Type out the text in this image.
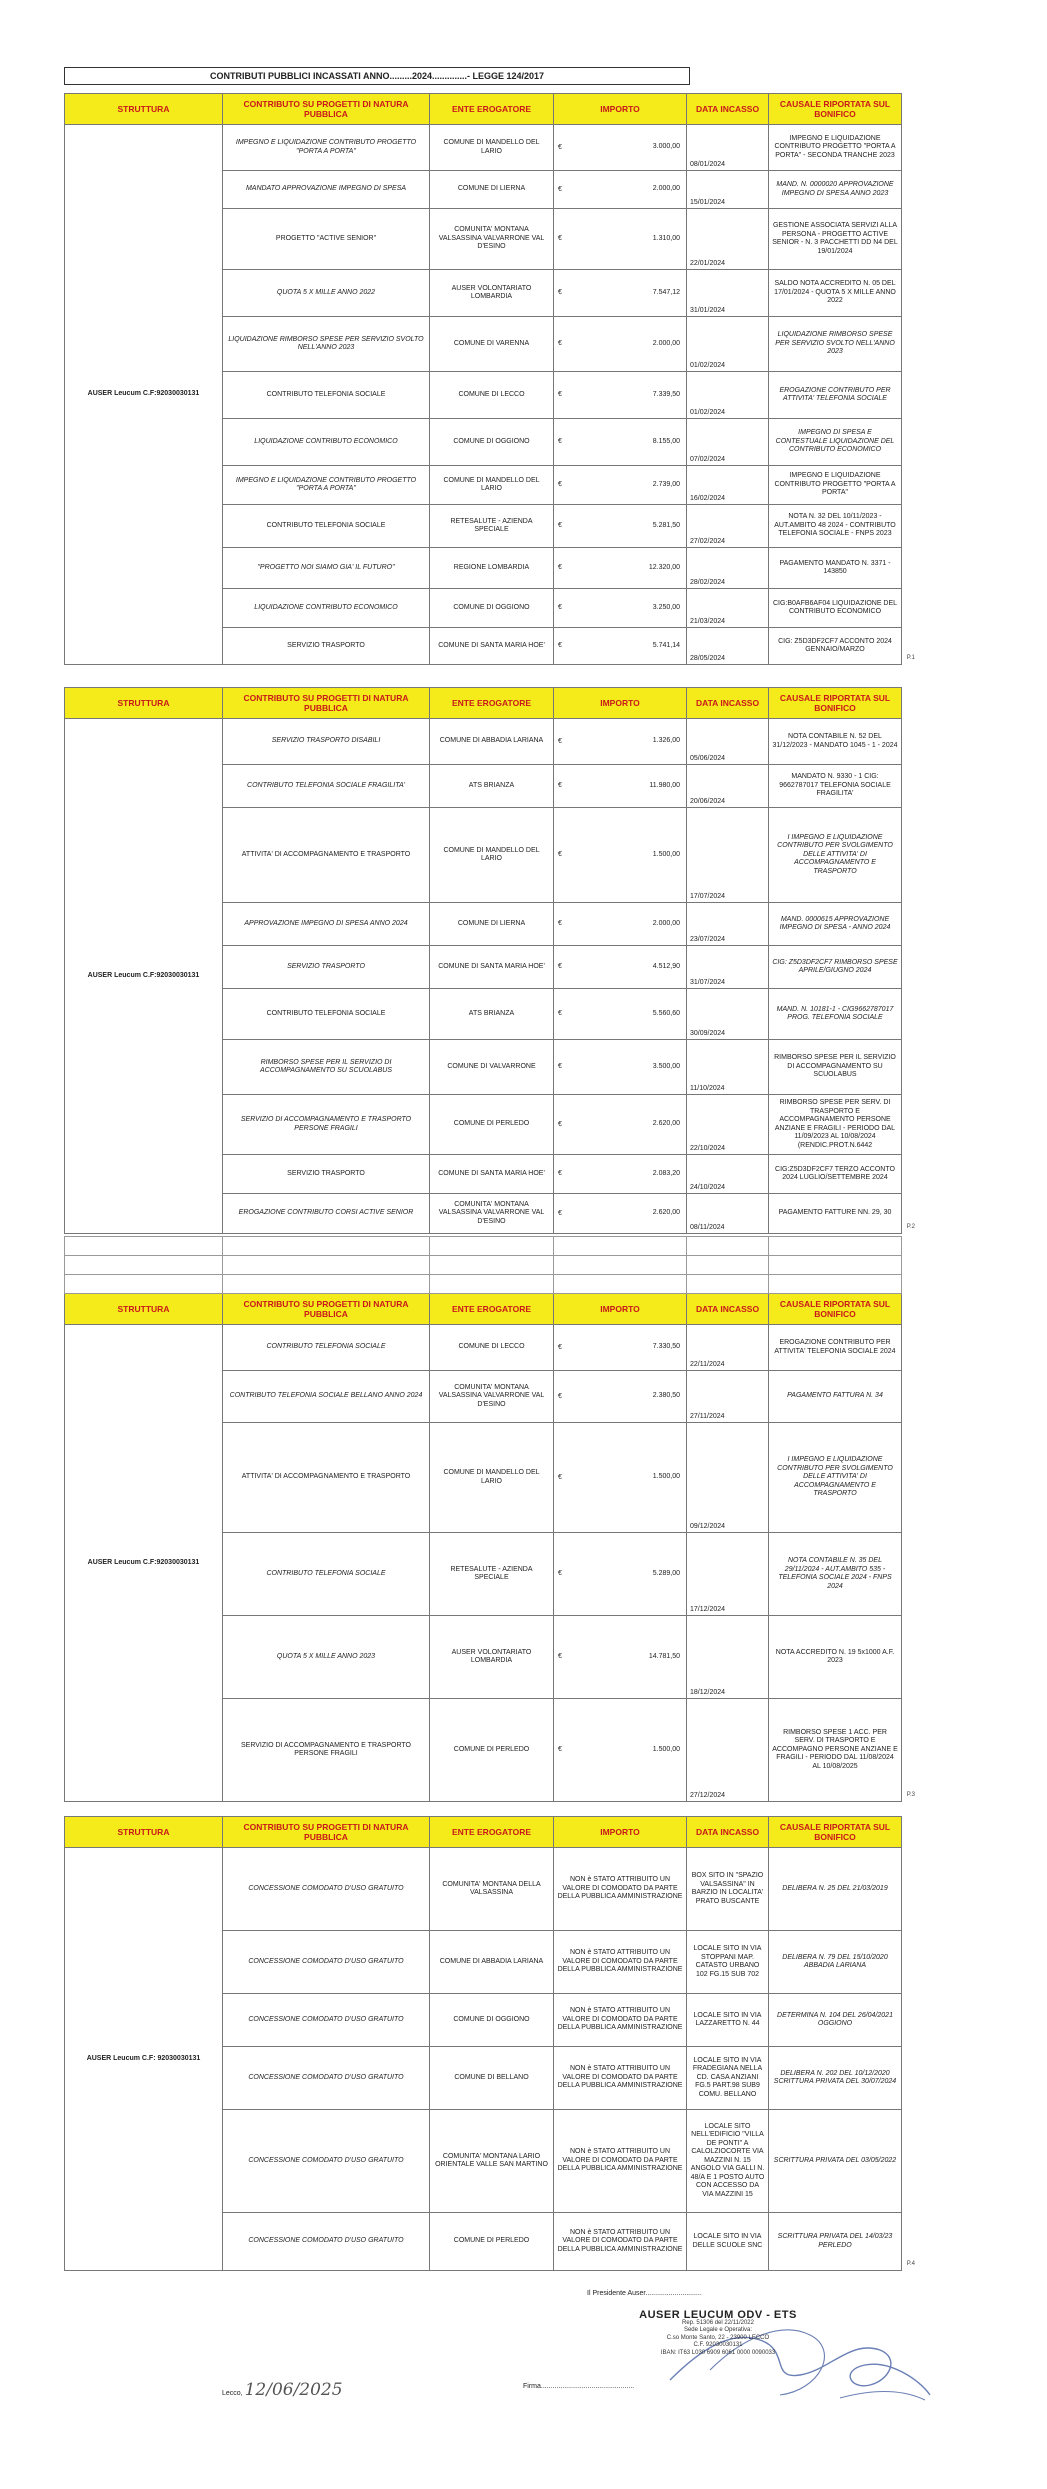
CONTRIBUTI PUBBLICI INCASSATI ANNO.........2024..............- LEGGE 124/2017
STRUTTURA	CONTRIBUTO SU PROGETTI DI NATURA PUBBLICA	ENTE EROGATORE	IMPORTO	DATA INCASSO	CAUSALE RIPORTATA SUL BONIFICO
AUSER Leucum C.F:92030030131	IMPEGNO E LIQUIDAZIONE CONTRIBUTO PROGETTO "PORTA A PORTA"	COMUNE DI MANDELLO DEL LARIO	€ 3.000,00	08/01/2024	IMPEGNO E LIQUIDAZIONE CONTRIBUTO PROGETTO "PORTA A PORTA" - SECONDA TRANCHE 2023
	MANDATO APPROVAZIONE IMPEGNO DI SPESA	COMUNE DI LIERNA	€ 2.000,00	15/01/2024	MAND. N. 0000020 APPROVAZIONE IMPEGNO DI SPESA ANNO 2023
	PROGETTO "ACTIVE SENIOR"	COMUNITA' MONTANA VALSASSINA VALVARRONE VAL D'ESINO	€ 1.310,00	22/01/2024	GESTIONE ASSOCIATA SERVIZI ALLA PERSONA - PROGETTO ACTIVE SENIOR - N. 3 PACCHETTI DD N4 DEL 19/01/2024
	QUOTA 5 X MILLE ANNO 2022	AUSER VOLONTARIATO LOMBARDIA	€ 7.547,12	31/01/2024	SALDO NOTA ACCREDITO N. 05 DEL 17/01/2024 - QUOTA 5 X MILLE ANNO 2022
	LIQUIDAZIONE RIMBORSO SPESE PER SERVIZIO SVOLTO NELL'ANNO 2023	COMUNE DI VARENNA	€ 2.000,00	01/02/2024	LIQUIDAZIONE RIMBORSO SPESE PER SERVIZIO SVOLTO NELL'ANNO 2023
	CONTRIBUTO TELEFONIA SOCIALE	COMUNE DI LECCO	€ 7.339,50	01/02/2024	EROGAZIONE CONTRIBUTO PER ATTIVITA' TELEFONIA SOCIALE
	LIQUIDAZIONE CONTRIBUTO ECONOMICO	COMUNE DI OGGIONO	€ 8.155,00	07/02/2024	IMPEGNO DI SPESA E CONTESTUALE LIQUIDAZIONE DEL CONTRIBUTO ECONOMICO
	IMPEGNO E LIQUIDAZIONE CONTRIBUTO PROGETTO "PORTA A PORTA"	COMUNE DI MANDELLO DEL LARIO	€ 2.739,00	16/02/2024	IMPEGNO E LIQUIDAZIONE CONTRIBUTO PROGETTO "PORTA A PORTA"
	CONTRIBUTO TELEFONIA SOCIALE	RETESALUTE - AZIENDA SPECIALE	€ 5.281,50	27/02/2024	NOTA N. 32 DEL 10/11/2023 - AUT.AMBITO 48 2024 - CONTRIBUTO TELEFONIA SOCIALE - FNPS 2023
	"PROGETTO NOI SIAMO GIA' IL FUTURO"	REGIONE LOMBARDIA	€ 12.320,00	28/02/2024	PAGAMENTO MANDATO N. 3371 - 143850
	LIQUIDAZIONE CONTRIBUTO ECONOMICO	COMUNE DI OGGIONO	€ 3.250,00	21/03/2024	CIG:B0AFB6AF04 LIQUIDAZIONE DEL CONTRIBUTO ECONOMICO
	SERVIZIO TRASPORTO	COMUNE DI SANTA MARIA HOE'	€ 5.741,14	28/05/2024	CIG: Z5D3DF2CF7 ACCONTO 2024 GENNAIO/MARZO
P.1
STRUTTURA	CONTRIBUTO SU PROGETTI DI NATURA PUBBLICA	ENTE EROGATORE	IMPORTO	DATA INCASSO	CAUSALE RIPORTATA SUL BONIFICO
AUSER Leucum C.F:92030030131	SERVIZIO TRASPORTO DISABILI	COMUNE DI ABBADIA LARIANA	€ 1.326,00	05/06/2024	NOTA CONTABILE N. 52 DEL 31/12/2023 - MANDATO 1045 - 1 - 2024
	CONTRIBUTO TELEFONIA SOCIALE FRAGILITA'	ATS BRIANZA	€ 11.980,00	20/06/2024	MANDATO N. 9330 - 1 CIG: 9662787017 TELEFONIA SOCIALE FRAGILITA'
	ATTIVITA' DI ACCOMPAGNAMENTO E TRASPORTO	COMUNE DI MANDELLO DEL LARIO	€ 1.500,00	17/07/2024	I IMPEGNO E LIQUIDAZIONE CONTRIBUTO PER SVOLGIMENTO DELLE ATTIVITA' DI ACCOMPAGNAMENTO E TRASPORTO
	APPROVAZIONE IMPEGNO DI SPESA ANNO 2024	COMUNE DI LIERNA	€ 2.000,00	23/07/2024	MAND. 0000615 APPROVAZIONE IMPEGNO DI SPESA - ANNO 2024
	SERVIZIO TRASPORTO	COMUNE DI SANTA MARIA HOE'	€ 4.512,90	31/07/2024	CIG: Z5D3DF2CF7 RIMBORSO SPESE APRILE/GIUGNO 2024
	CONTRIBUTO TELEFONIA SOCIALE	ATS BRIANZA	€ 5.560,60	30/09/2024	MAND. N. 10181-1 - CIG9662787017 PROG. TELEFONIA SOCIALE
	RIMBORSO SPESE PER IL SERVIZIO DI ACCOMPAGNAMENTO SU SCUOLABUS	COMUNE DI VALVARRONE	€ 3.500,00	11/10/2024	RIMBORSO SPESE PER IL SERVIZIO DI ACCOMPAGNAMENTO SU SCUOLABUS
	SERVIZIO DI ACCOMPAGNAMENTO E TRASPORTO PERSONE FRAGILI	COMUNE DI PERLEDO	€ 2.620,00	22/10/2024	RIMBORSO SPESE PER SERV. DI TRASPORTO E ACCOMPAGNAMENTO PERSONE ANZIANE E FRAGILI - PERIODO DAL 11/09/2023 AL 10/08/2024 (RENDIC.PROT.N.6442
	SERVIZIO TRASPORTO	COMUNE DI SANTA MARIA HOE'	€ 2.083,20	24/10/2024	CIG:Z5D3DF2CF7 TERZO ACCONTO 2024 LUGLIO/SETTEMBRE 2024
	EROGAZIONE CONTRIBUTO CORSI ACTIVE SENIOR	COMUNITA' MONTANA VALSASSINA VALVARRONE VAL D'ESINO	€ 2.620,00	08/11/2024	PAGAMENTO FATTURE NN. 29, 30
P.2

STRUTTURA	CONTRIBUTO SU PROGETTI DI NATURA PUBBLICA	ENTE EROGATORE	IMPORTO	DATA INCASSO	CAUSALE RIPORTATA SUL BONIFICO
AUSER Leucum C.F:92030030131	CONTRIBUTO TELEFONIA SOCIALE	COMUNE DI LECCO	€ 7.330,50	22/11/2024	EROGAZIONE CONTRIBUTO PER ATTIVITA' TELEFONIA SOCIALE 2024
	CONTRIBUTO TELEFONIA SOCIALE BELLANO ANNO 2024	COMUNITA' MONTANA VALSASSINA VALVARRONE VAL D'ESINO	€ 2.380,50	27/11/2024	PAGAMENTO FATTURA N. 34
	ATTIVITA' DI ACCOMPAGNAMENTO E TRASPORTO	COMUNE DI MANDELLO DEL LARIO	€ 1.500,00	09/12/2024	I IMPEGNO E LIQUIDAZIONE CONTRIBUTO PER SVOLGIMENTO DELLE ATTIVITA' DI ACCOMPAGNAMENTO E TRASPORTO
	CONTRIBUTO TELEFONIA SOCIALE	RETESALUTE - AZIENDA SPECIALE	€ 5.289,00	17/12/2024	NOTA CONTABILE N. 35 DEL 29/11/2024 - AUT.AMBITO 535 - TELEFONIA SOCIALE 2024 - FNPS 2024
	QUOTA 5 X MILLE ANNO 2023	AUSER VOLONTARIATO LOMBARDIA	€ 14.781,50	18/12/2024	NOTA ACCREDITO N. 19 5x1000 A.F. 2023
	SERVIZIO DI ACCOMPAGNAMENTO E TRASPORTO PERSONE FRAGILI	COMUNE DI PERLEDO	€ 1.500,00	27/12/2024	RIMBORSO SPESE 1 ACC. PER SERV. DI TRASPORTO E ACCOMPAGNO PERSONE ANZIANE E FRAGILI - PERIODO DAL 11/08/2024 AL 10/08/2025
P.3
STRUTTURA	CONTRIBUTO SU PROGETTI DI NATURA PUBBLICA	ENTE EROGATORE	IMPORTO	DATA INCASSO	CAUSALE RIPORTATA SUL BONIFICO
AUSER Leucum C.F: 92030030131	CONCESSIONE COMODATO D'USO GRATUITO	COMUNITA' MONTANA DELLA VALSASSINA	NON è STATO ATTRIBUITO UN VALORE DI COMODATO DA PARTE DELLA PUBBLICA AMMINISTRAZIONE	BOX SITO IN "SPAZIO VALSASSINA" IN BARZIO IN LOCALITA' PRATO BUSCANTE	DELIBERA N. 25 DEL 21/03/2019
	CONCESSIONE COMODATO D'USO GRATUITO	COMUNE DI ABBADIA LARIANA	NON è STATO ATTRIBUITO UN VALORE DI COMODATO DA PARTE DELLA PUBBLICA AMMINISTRAZIONE	LOCALE SITO IN VIA STOPPANI MAP. CATASTO URBANO 102 FG.15 SUB 702	DELIBERA N. 79 DEL 15/10/2020 ABBADIA LARIANA
	CONCESSIONE COMODATO D'USO GRATUITO	COMUNE DI OGGIONO	NON è STATO ATTRIBUITO UN VALORE DI COMODATO DA PARTE DELLA PUBBLICA AMMINISTRAZIONE	LOCALE SITO IN VIA LAZZARETTO N. 44	DETERMINA N. 104 DEL 26/04/2021 OGGIONO
	CONCESSIONE COMODATO D'USO GRATUITO	COMUNE DI BELLANO	NON è STATO ATTRIBUITO UN VALORE DI COMODATO DA PARTE DELLA PUBBLICA AMMINISTRAZIONE	LOCALE SITO IN VIA FRADEGIANA NELLA CD. CASA ANZIANI FG.5 PART.98 SUB9 COMU. BELLANO	DELIBERA N. 202 DEL 10/12/2020 SCRITTURA PRIVATA DEL 30/07/2024
	CONCESSIONE COMODATO D'USO GRATUITO	COMUNITA' MONTANA LARIO ORIENTALE VALLE SAN MARTINO	NON è STATO ATTRIBUITO UN VALORE DI COMODATO DA PARTE DELLA PUBBLICA AMMINISTRAZIONE	LOCALE SITO NELL'EDIFICIO "VILLA DE PONTI" A CALOLZIOCORTE VIA MAZZINI N. 15 ANGOLO VIA GALLI N. 48/A E 1 POSTO AUTO CON ACCESSO DA VIA MAZZINI 15	SCRITTURA PRIVATA DEL 03/05/2022
	CONCESSIONE COMODATO D'USO GRATUITO	COMUNE DI PERLEDO	NON è STATO ATTRIBUITO UN VALORE DI COMODATO DA PARTE DELLA PUBBLICA AMMINISTRAZIONE	LOCALE SITO IN VIA DELLE SCUOLE SNC	SCRITTURA PRIVATA DEL 14/03/23 PERLEDO
P.4
Il Presidente Auser.............................
AUSER LEUCUM ODV - ETS
Rep. 51306 del 22/11/2022
Sede Legale e Operativa:
C.so Monte Santo, 22 - 23900 LECCO
C.F. 92030030131
IBAN: IT63 L030 6909 6061 0000 0090033
Lecco, 12/06/2025	Firma................................................
